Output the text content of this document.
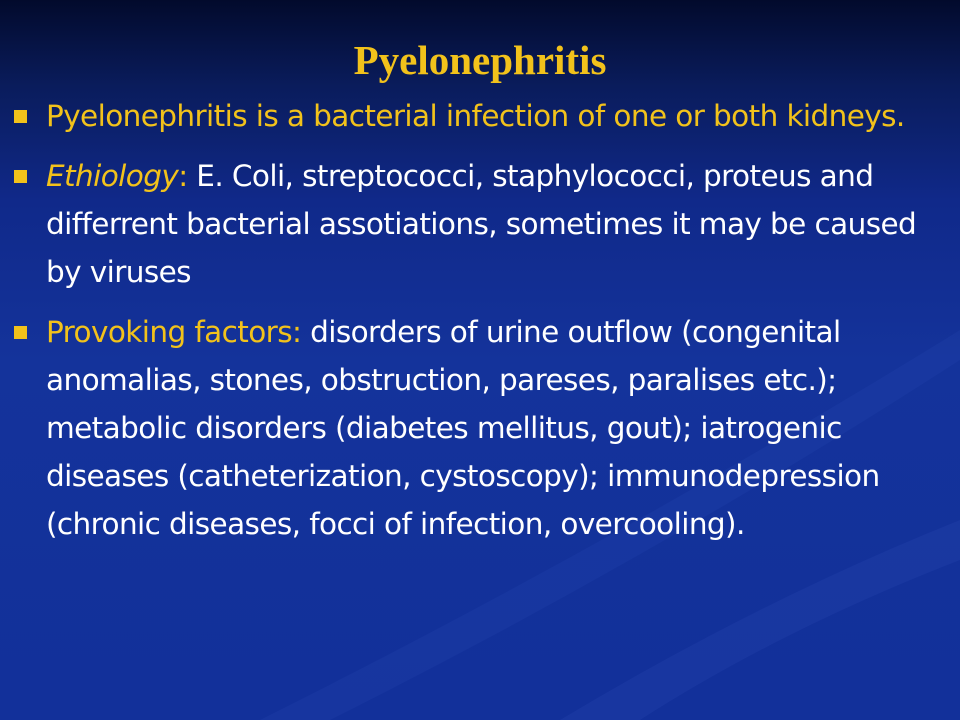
Pyelonephritis
Pyelonephritis is a bacterial infection of one or both kidneys.
Ethiology: E. Coli, streptococci, staphylococci, proteus and differrent bacterial assotiations, sometimes it may be caused by viruses
Provoking factors: disorders of urine outflow (congenital anomalias, stones, obstruction, pareses, paralises etc.); metabolic disorders (diabetes mellitus, gout); iatrogenic diseases (catheterization, cystoscopy); immunodepression (chronic diseases, focci of infection, overcooling).
